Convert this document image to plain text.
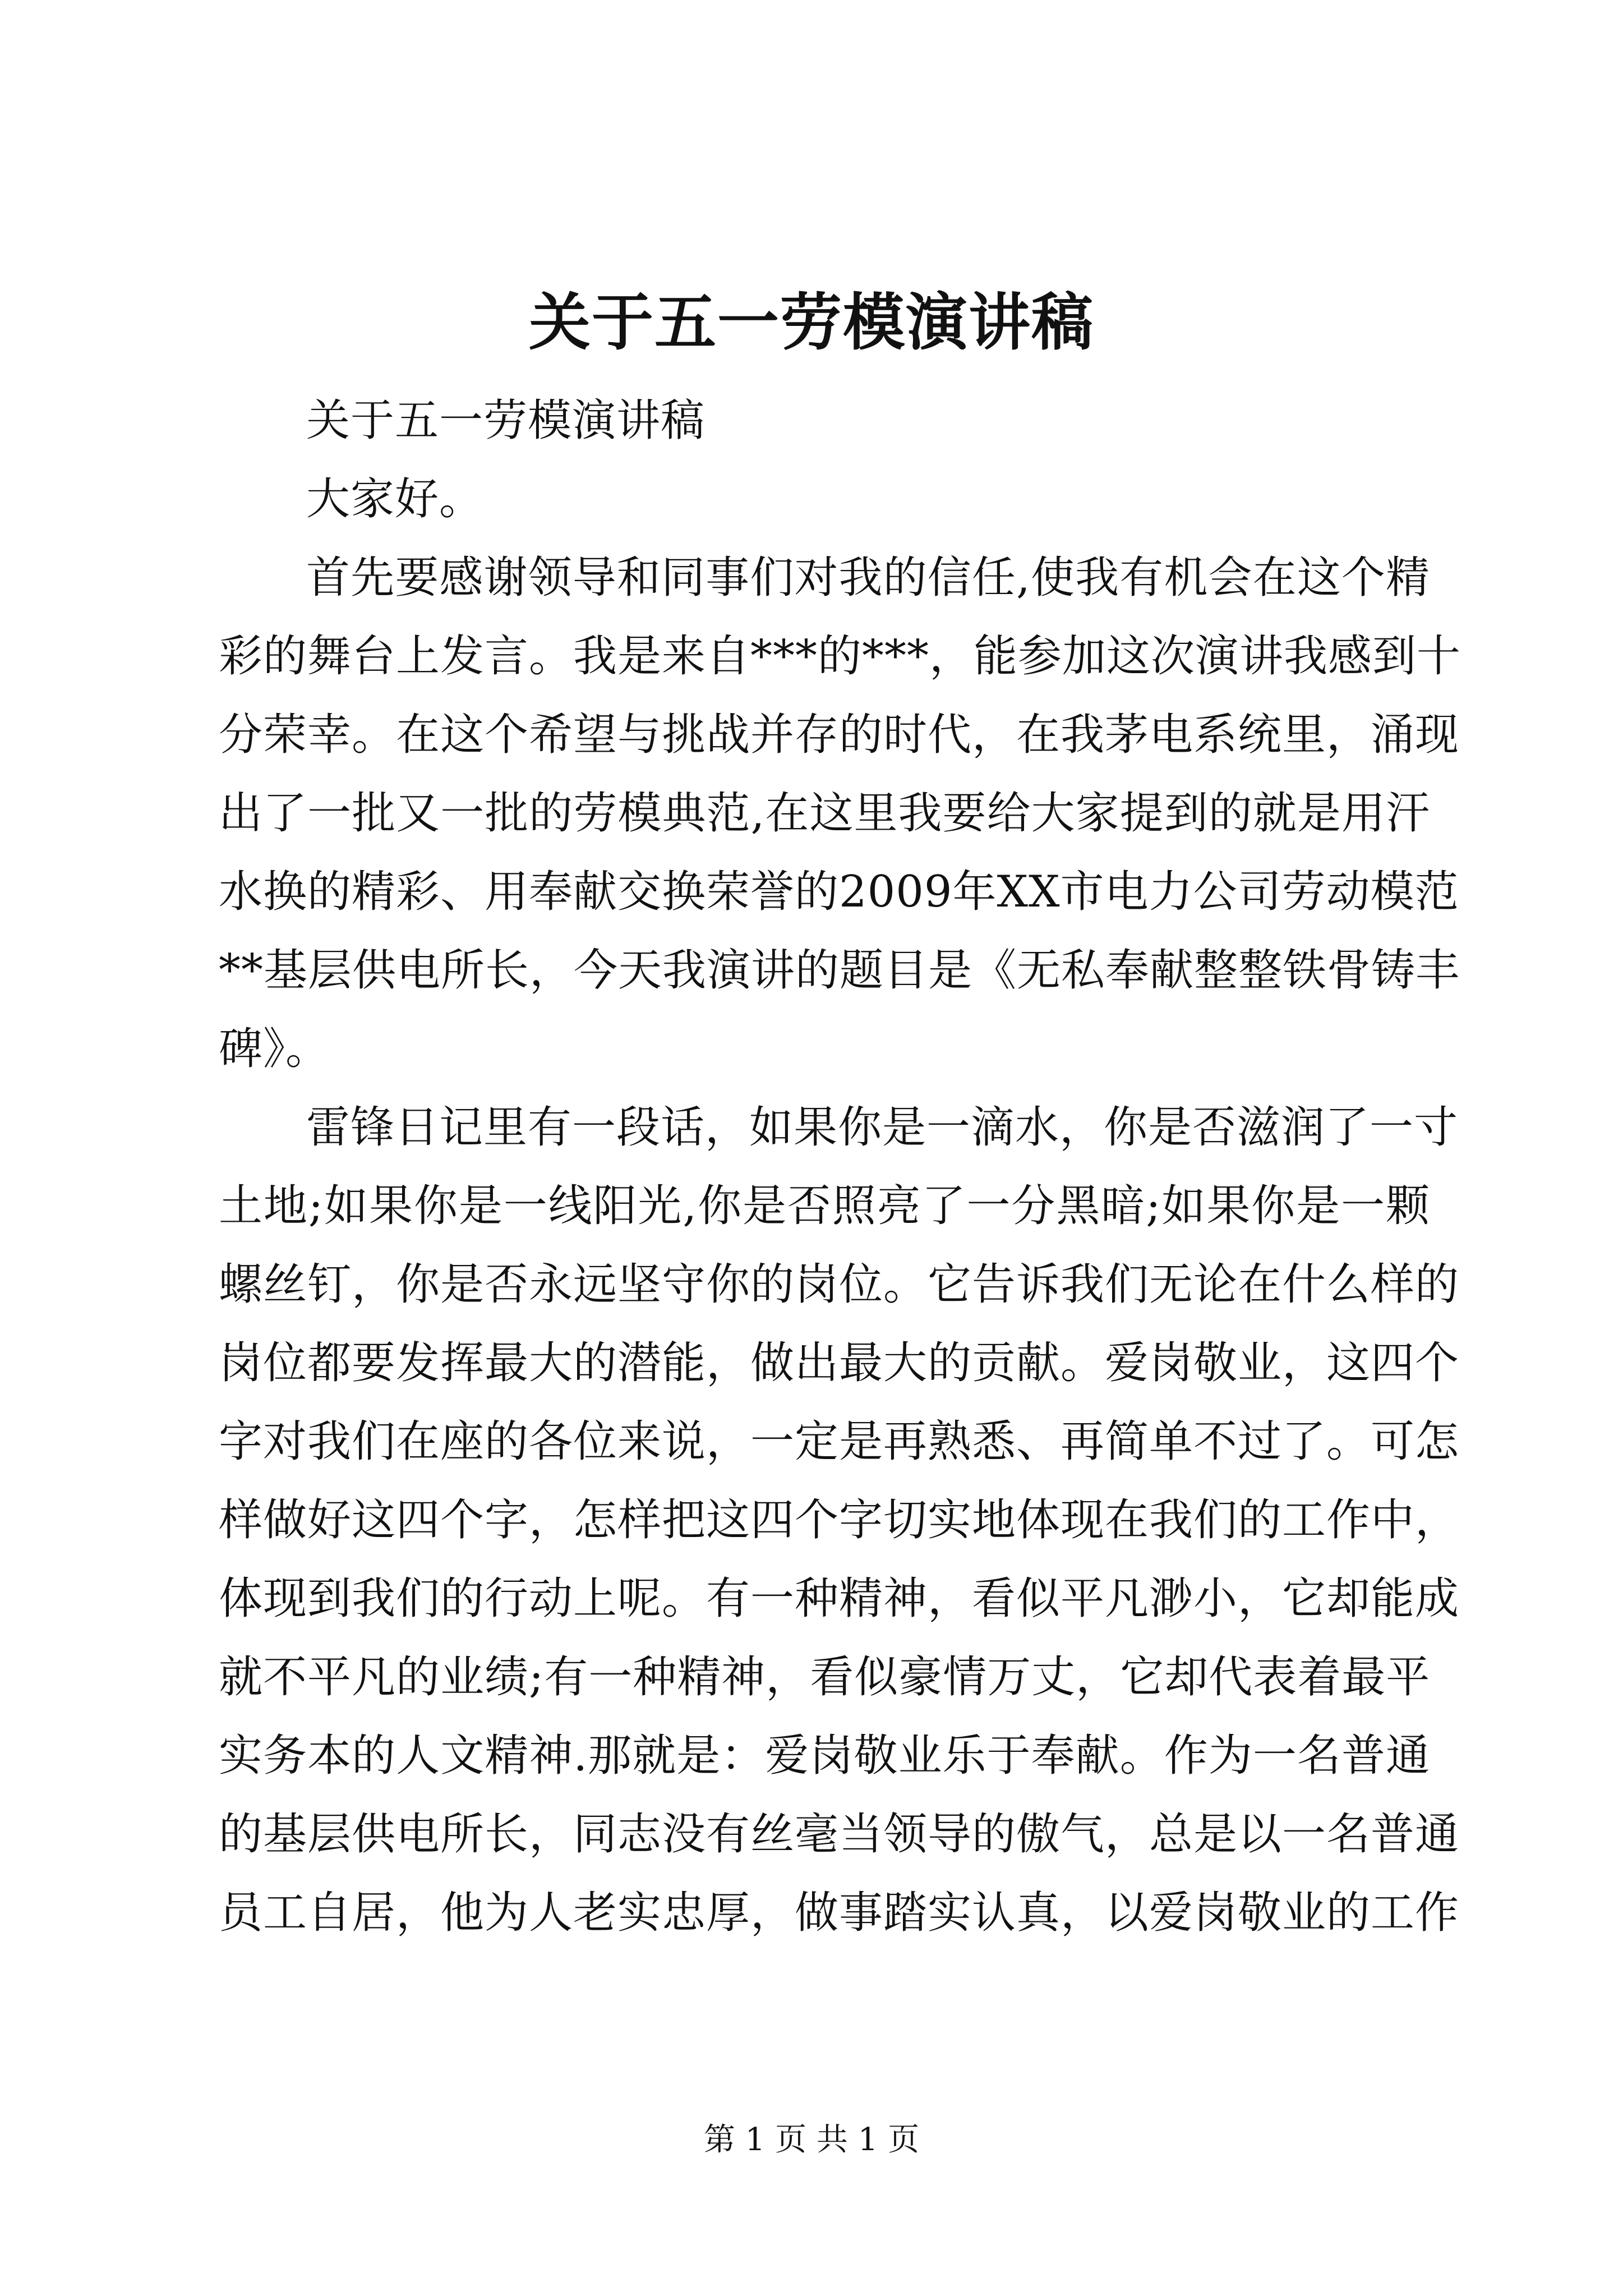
关于五一劳模演讲稿
关于五一劳模演讲稿
大家好。
首先要感谢领导和同事们对我的信任,使我有机会在这个精
彩的舞台上发言。我是来自***的***，能参加这次演讲我感到十
分荣幸。在这个希望与挑战并存的时代，在我茅电系统里，涌现
出了一批又一批的劳模典范,在这里我要给大家提到的就是用汗
水换的精彩、用奉献交换荣誉的2009年XX市电力公司劳动模范
**基层供电所长，今天我演讲的题目是《无私奉献整整铁骨铸丰
碑》。
雷锋日记里有一段话，如果你是一滴水，你是否滋润了一寸
土地;如果你是一线阳光,你是否照亮了一分黑暗;如果你是一颗
螺丝钉，你是否永远坚守你的岗位。它告诉我们无论在什么样的
岗位都要发挥最大的潜能，做出最大的贡献。爱岗敬业，这四个
字对我们在座的各位来说，一定是再熟悉、再简单不过了。可怎
样做好这四个字，怎样把这四个字切实地体现在我们的工作中，
体现到我们的行动上呢。有一种精神，看似平凡渺小，它却能成
就不平凡的业绩;有一种精神，看似豪情万丈，它却代表着最平
实务本的人文精神.那就是：爱岗敬业乐于奉献。作为一名普通
的基层供电所长，同志没有丝毫当领导的傲气，总是以一名普通
员工自居，他为人老实忠厚，做事踏实认真，以爱岗敬业的工作
第 1 页 共 1 页
